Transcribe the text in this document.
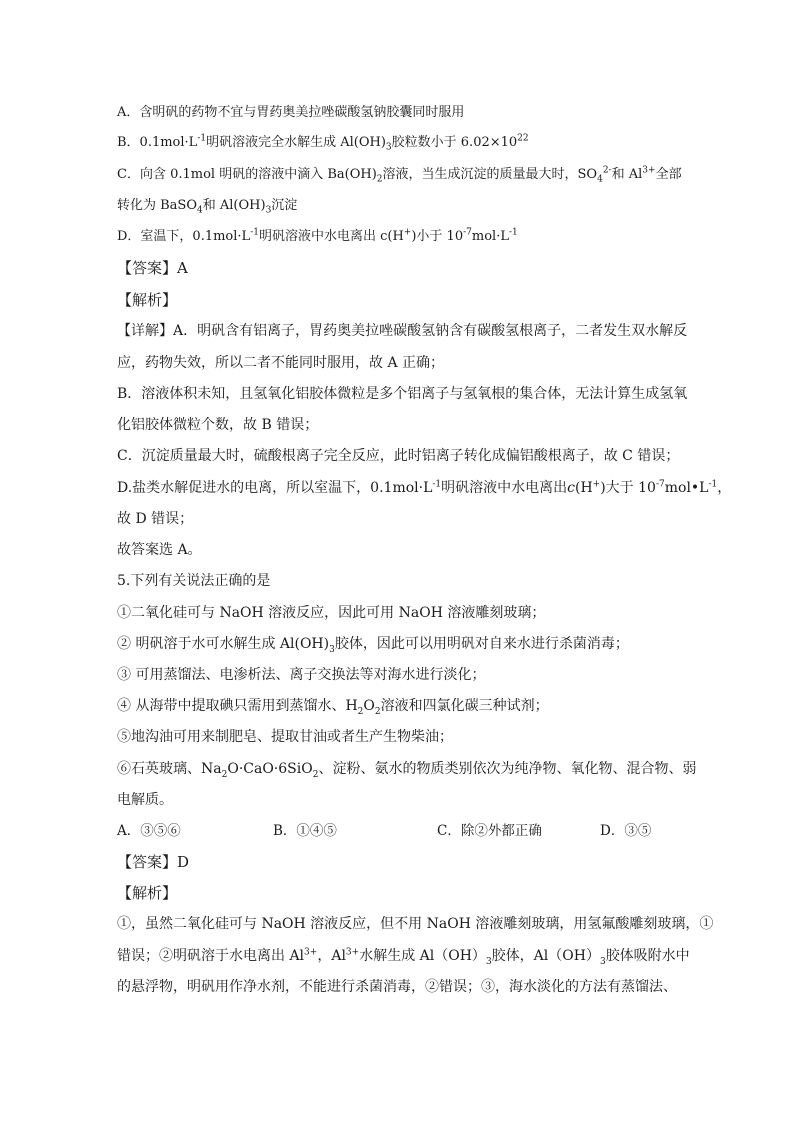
A．含明矾的药物不宜与胃药奥美拉唑碳酸氢钠胶囊同时服用
B．$0.1mol\cdot L^{-1}$明矾溶液完全水解生成 $Al(OH)_3$胶粒数小于 $6.02\times 10^{22}$
C．向含 0.1mol 明矾的溶液中滴入 $Ba(OH)_2$溶液，当生成沉淀的质量最大时，$SO_4^{2-}$和 $Al^{3+}$全部
转化为 BaSO$_4$和 $Al(OH)_3$沉淀
D．室温下，$0.1mol\cdot L^{-1}$明矾溶液中水电离出 c(H+)小于 $10^{-7}mol\cdot L^{-1}$
【答案】A
【解析】
【详解】A．明矾含有铝离子，胃药奥美拉唑碳酸氢钠含有碳酸氢根离子，二者发生双水解反
应，药物失效，所以二者不能同时服用，故 A 正确；
B．溶液体积未知，且氢氧化铝胶体微粒是多个铝离子与氢氧根的集合体，无法计算生成氢氧
化铝胶体微粒个数，故 B 错误；
C．沉淀质量最大时，硫酸根离子完全反应，此时铝离子转化成偏铝酸根离子，故 C 错误；
D.盐类水解促进水的电离，所以室温下，$0.1mol\cdot L^{-1}$明矾溶液中水电离出c(H+)大于 $10^{-7}mol•L^{-1}$，
故 D 错误；
故答案选 A。
5.下列有关说法正确的是
①二氧化硅可与 NaOH 溶液反应，因此可用 NaOH 溶液雕刻玻璃；
② 明矾溶于水可水解生成 $Al(OH)_3$胶体，因此可以用明矾对自来水进行杀菌消毒；
③ 可用蒸馏法、电渗析法、离子交换法等对海水进行淡化；
④ 从海带中提取碘只需用到蒸馏水、$H_2O_2$溶液和四氯化碳三种试剂；
⑤地沟油可用来制肥皂、提取甘油或者生产生物柴油；
⑥石英玻璃、$Na_2O\cdot CaO\cdot 6SiO_2$、淀粉、氨水的物质类别依次为纯净物、氧化物、混合物、弱
电解质。
A．③⑤⑥	B．①④⑤	C．除②外都正确	D．③⑤
【答案】D
【解析】
①，虽然二氧化硅可与 NaOH 溶液反应，但不用 NaOH 溶液雕刻玻璃，用氢氟酸雕刻玻璃，①
错误；②明矾溶于水电离出 $Al^{3+}$，$Al^{3+}$水解生成 $Al(OH)_3$胶体，$Al(OH)_3$胶体吸附水中
的悬浮物，明矾用作净水剂，不能进行杀菌消毒，②错误；③，海水淡化的方法有蒸馏法、
